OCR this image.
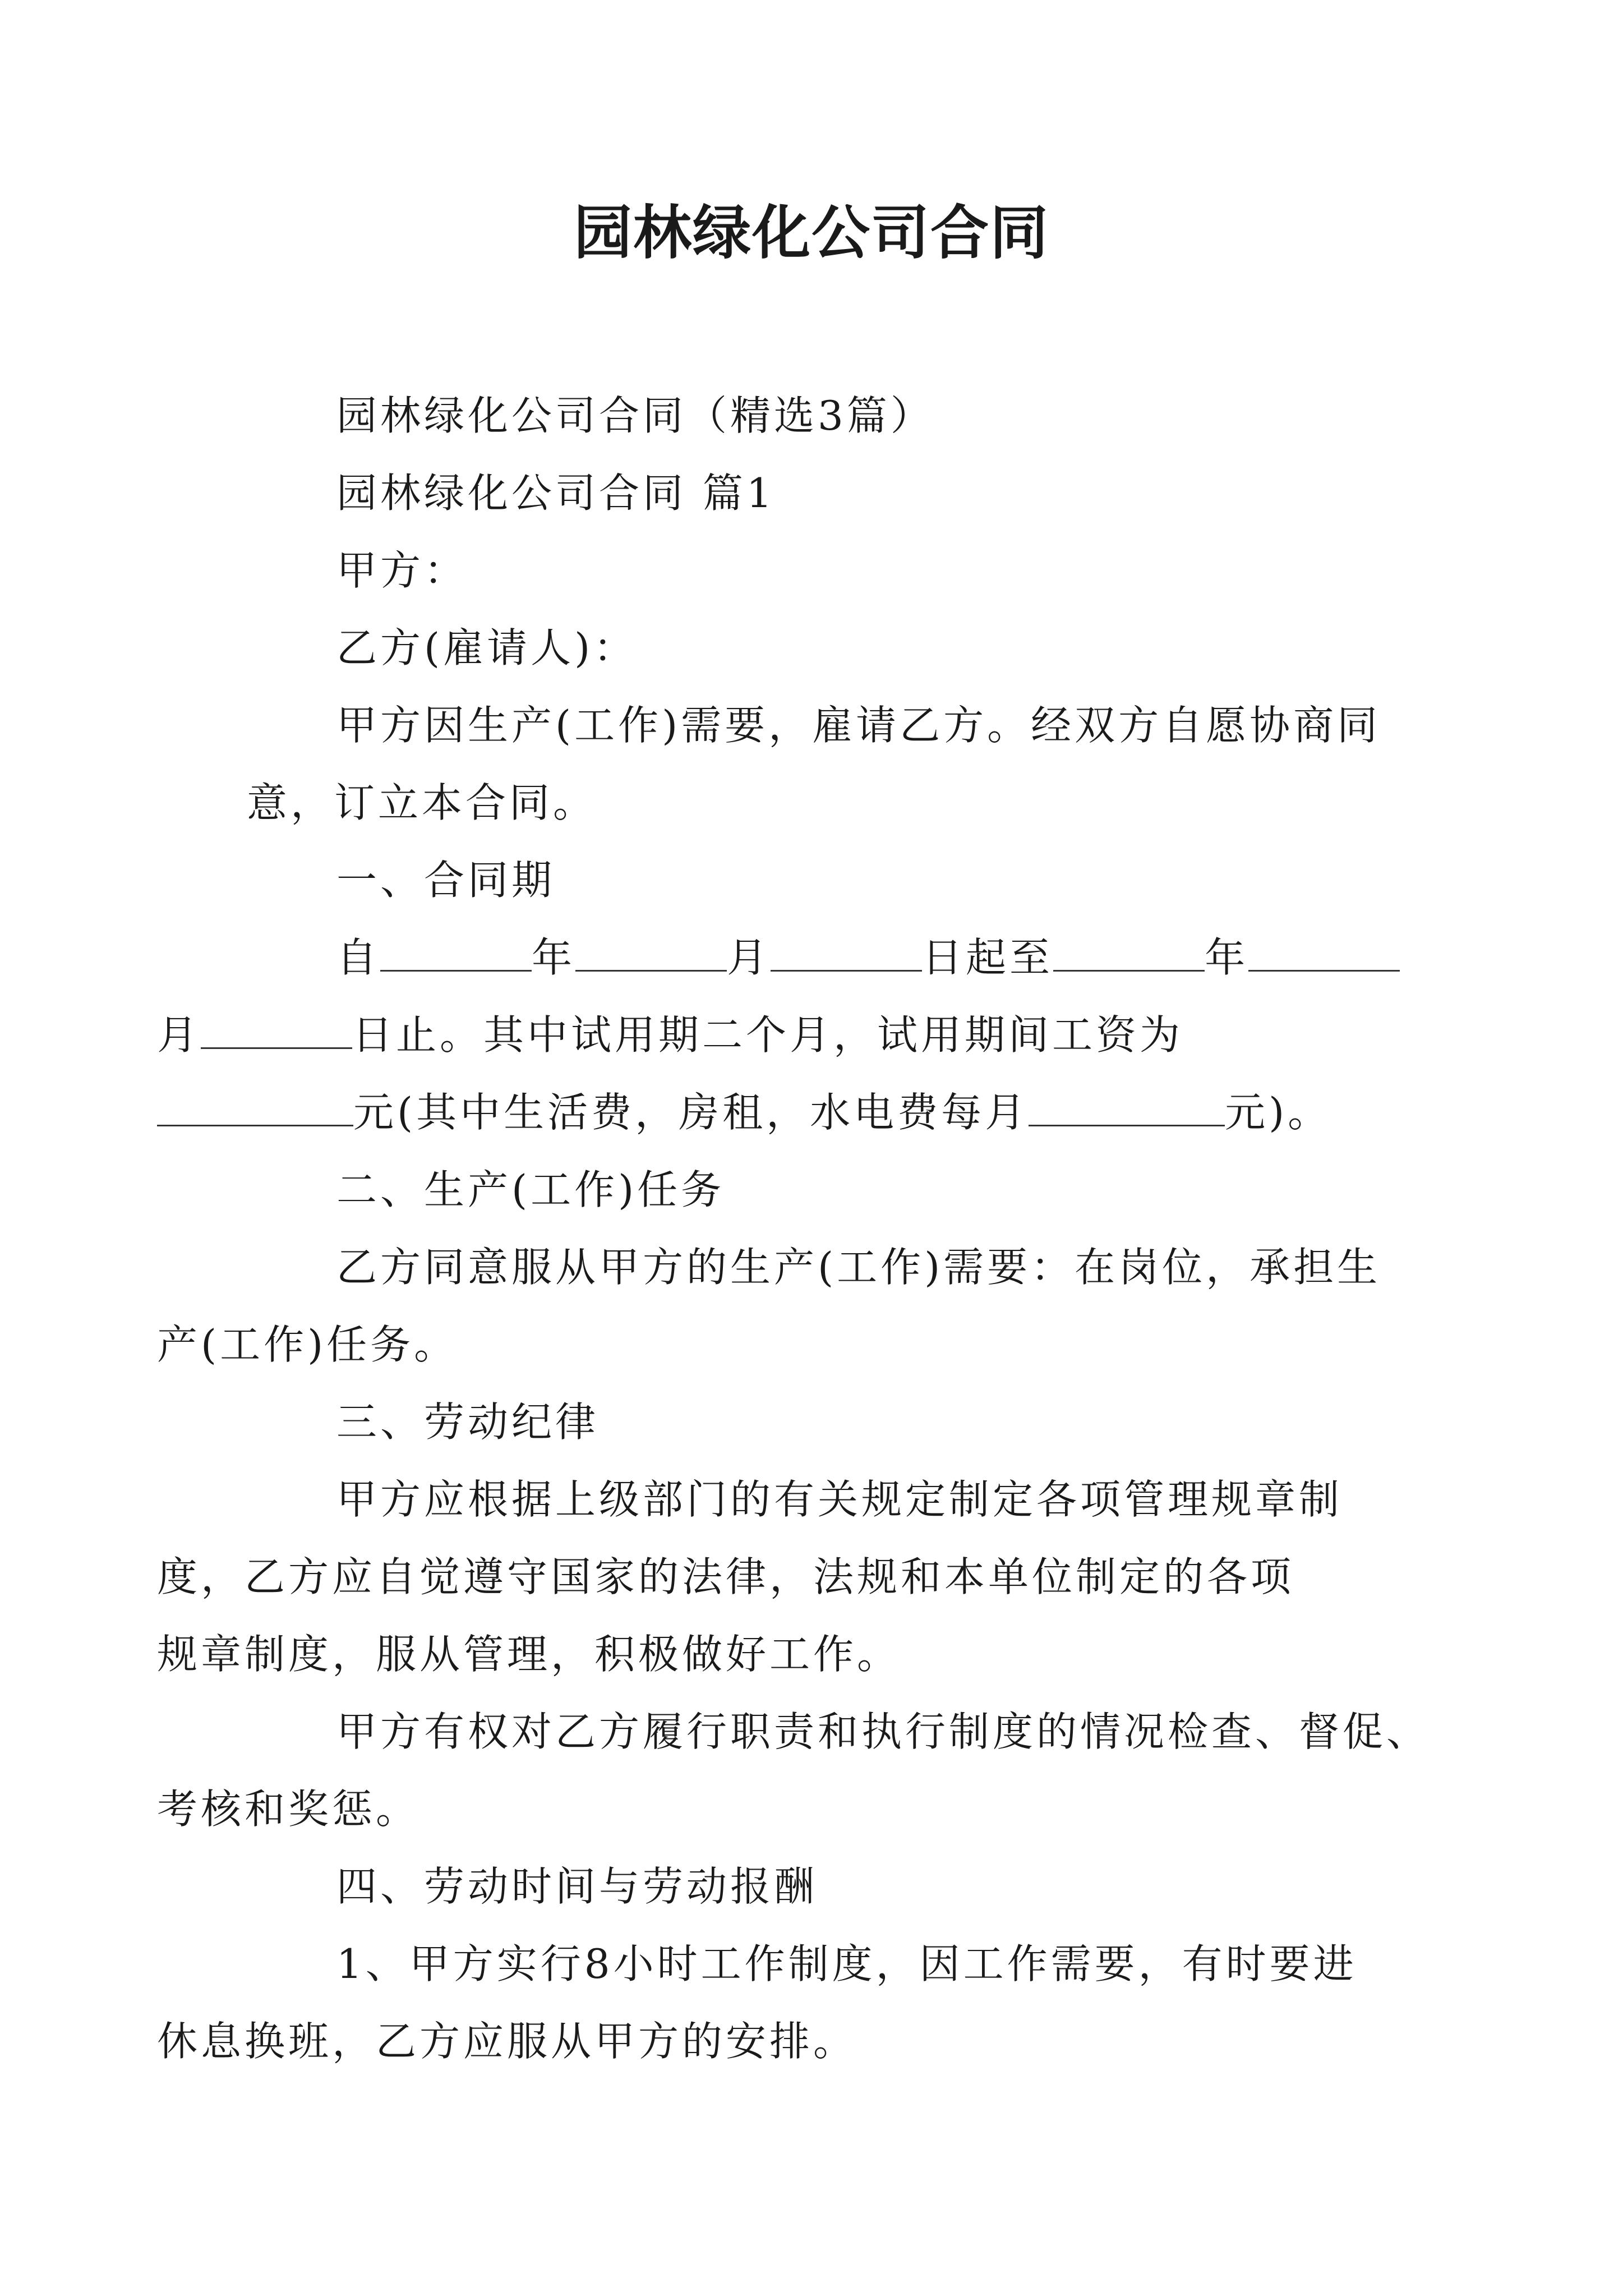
园林绿化公司合同

园林绿化公司合同（精选3篇）

园林绿化公司合同 篇1

甲方：

乙方(雇请人)：

甲方因生产(工作)需要，雇请乙方。经双方自愿协商同
意，订立本合同。

一、合同期

自	年	月	日起至	年
月	日止。其中试用期二个月，试用期间工资为
元(其中生活费，房租，水电费每月	元)。

二、生产(工作)任务

乙方同意服从甲方的生产(工作)需要：在岗位，承担生
产(工作)任务。

三、劳动纪律

甲方应根据上级部门的有关规定制定各项管理规章制
度，乙方应自觉遵守国家的法律，法规和本单位制定的各项
规章制度，服从管理，积极做好工作。

甲方有权对乙方履行职责和执行制度的情况检查、督促、
考核和奖惩。

四、劳动时间与劳动报酬

1、甲方实行8小时工作制度，因工作需要，有时要进
休息换班，乙方应服从甲方的安排。
